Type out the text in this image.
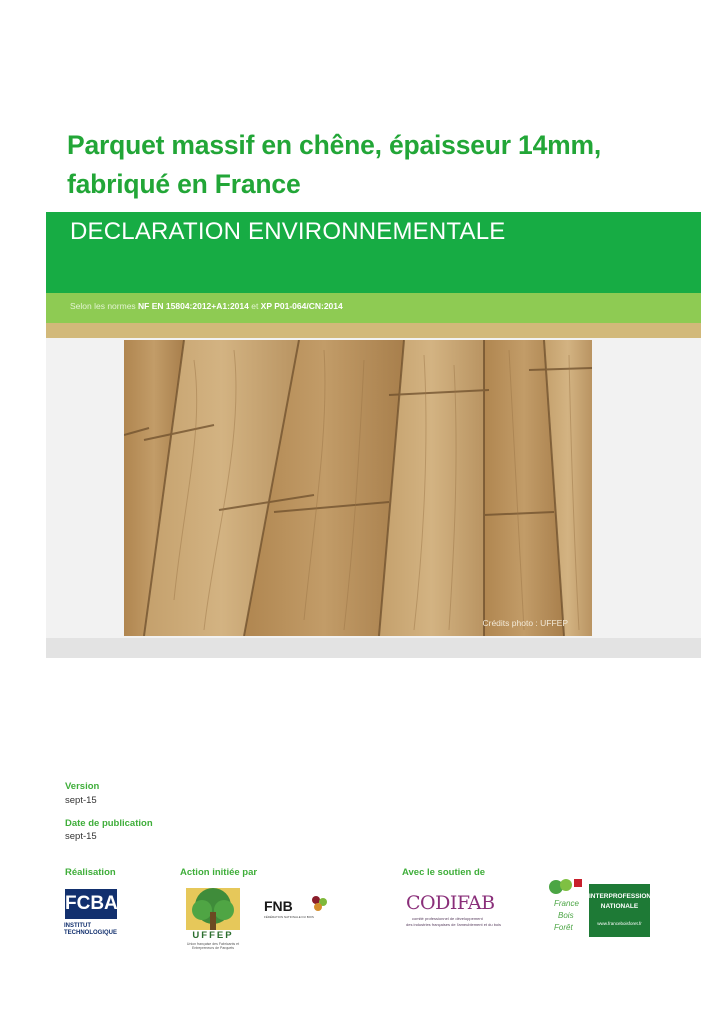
Parquet massif en chêne, épaisseur 14mm,
fabriqué en France
DECLARATION ENVIRONNEMENTALE
Selon les normes NF EN 15804:2012+A1:2014 et XP P01-064/CN:2014
Crédits photo : UFFEP
Version
sept-15
Date de publication
sept-15
Réalisation	Action initiée par	Avec le soutien de
FCBA
INSTITUT
TECHNOLOGIQUE	UFFEP
Union française des Fabricants et Entrepreneurs de Parquets
FNB
FÉDÉRATION NATIONALE DU BOIS
CODIFAB
comité professionnel de développement
des industries françaises de l'ameublement et du bois
France
Bois
Forêt
INTERPROFESSION
NATIONALE
www.franceboisforet.fr
